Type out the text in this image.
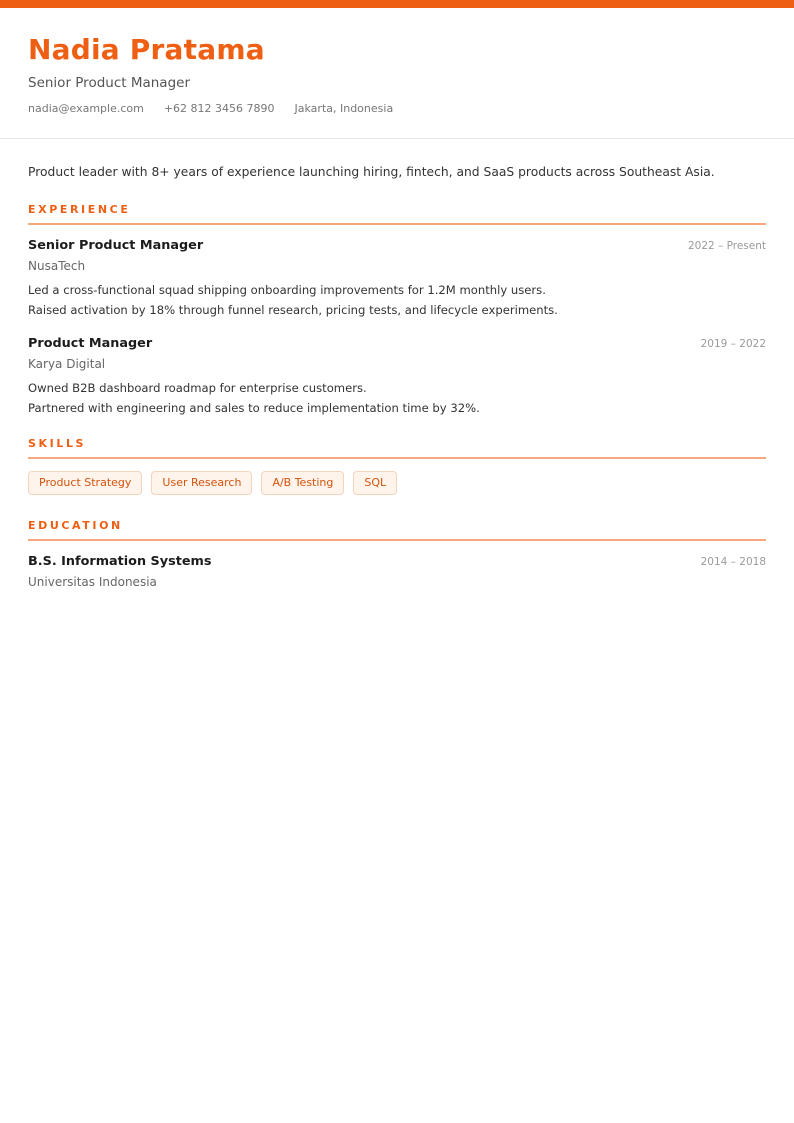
Nadia Pratama
Senior Product Manager
nadia@example.com +62 812 3456 7890 Jakarta, Indonesia
Product leader with 8+ years of experience launching hiring, fintech, and SaaS products across Southeast Asia.
EXPERIENCE
Senior Product Manager	2022 – Present
NusaTech
Led a cross-functional squad shipping onboarding improvements for 1.2M monthly users.
Raised activation by 18% through funnel research, pricing tests, and lifecycle experiments.
Product Manager	2019 – 2022
Karya Digital
Owned B2B dashboard roadmap for enterprise customers.
Partnered with engineering and sales to reduce implementation time by 32%.
SKILLS
Product Strategy	User Research	A/B Testing	SQL
EDUCATION
B.S. Information Systems	2014 – 2018
Universitas Indonesia
